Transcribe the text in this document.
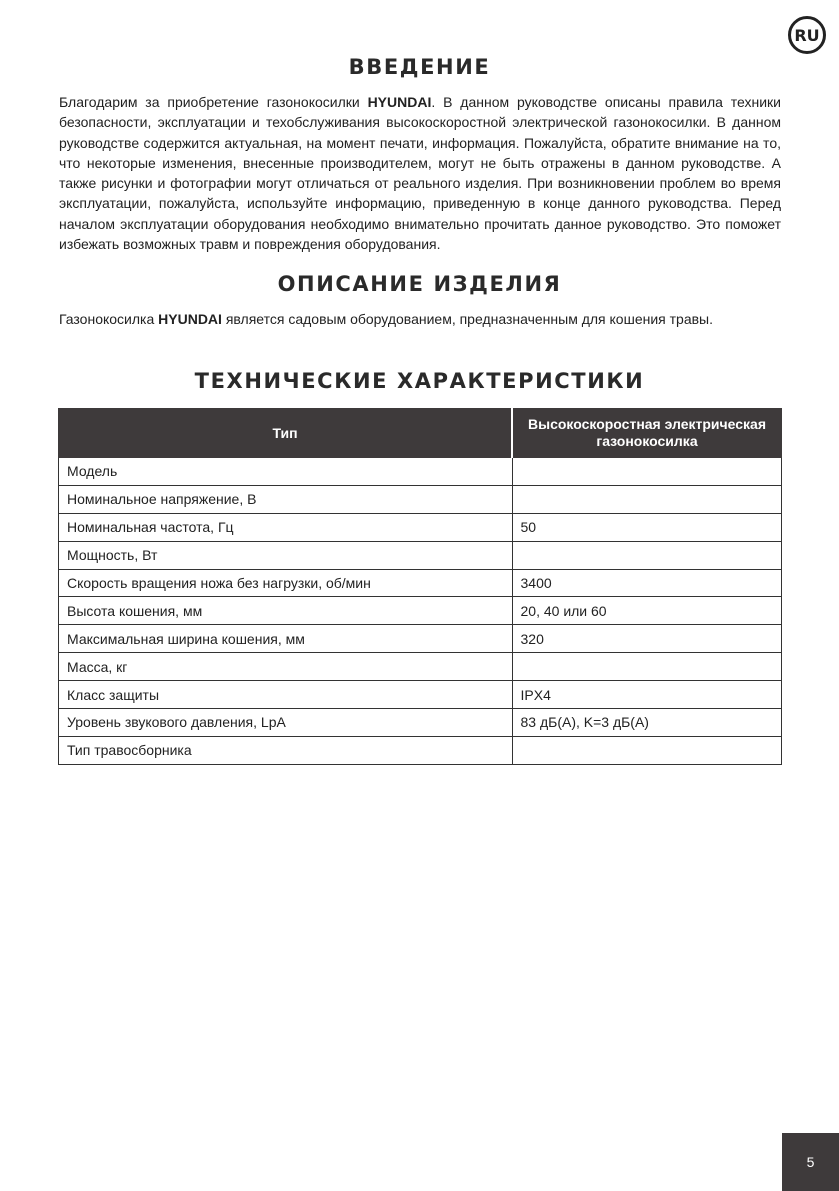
RU
ВВЕДЕНИЕ

Благодарим за приобретение газонокосилки HYUNDAI. В данном руководстве описаны правила техники безопасности, эксплуатации и техобслуживания высокоскоростной электрической газонокосилки. В данном руководстве содержится актуальная, на момент печати, информация. Пожалуйста, обратите внимание на то, что некоторые изменения, внесенные производителем, могут не быть отражены в данном руководстве. А также рисунки и фотографии могут отличаться от реального изделия. При возникновении проблем во время эксплуатации, пожалуйста, используйте информацию, приведенную в конце данного руководства. Перед началом эксплуатации оборудования необходимо внимательно прочитать данное руководство. Это поможет избежать возможных травм и повреждения оборудования.

ОПИСАНИЕ ИЗДЕЛИЯ

Газонокосилка HYUNDAI является садовым оборудованием, предназначенным для кошения травы.

ТЕХНИЧЕСКИЕ ХАРАКТЕРИСТИКИ
Тип	Высокоскоростная электрическая газонокосилка
Модель	
Номинальное напряжение, В	
Номинальная частота, Гц	50
Мощность, Вт	
Скорость вращения ножа без нагрузки, об/мин	3400
Высота кошения, мм	20, 40 или 60
Максимальная ширина кошения, мм	320
Масса, кг	
Класс защиты	IPX4
Уровень звукового давления, LpA	83 дБ(А), K=3 дБ(А)
Тип травосборника	
5
